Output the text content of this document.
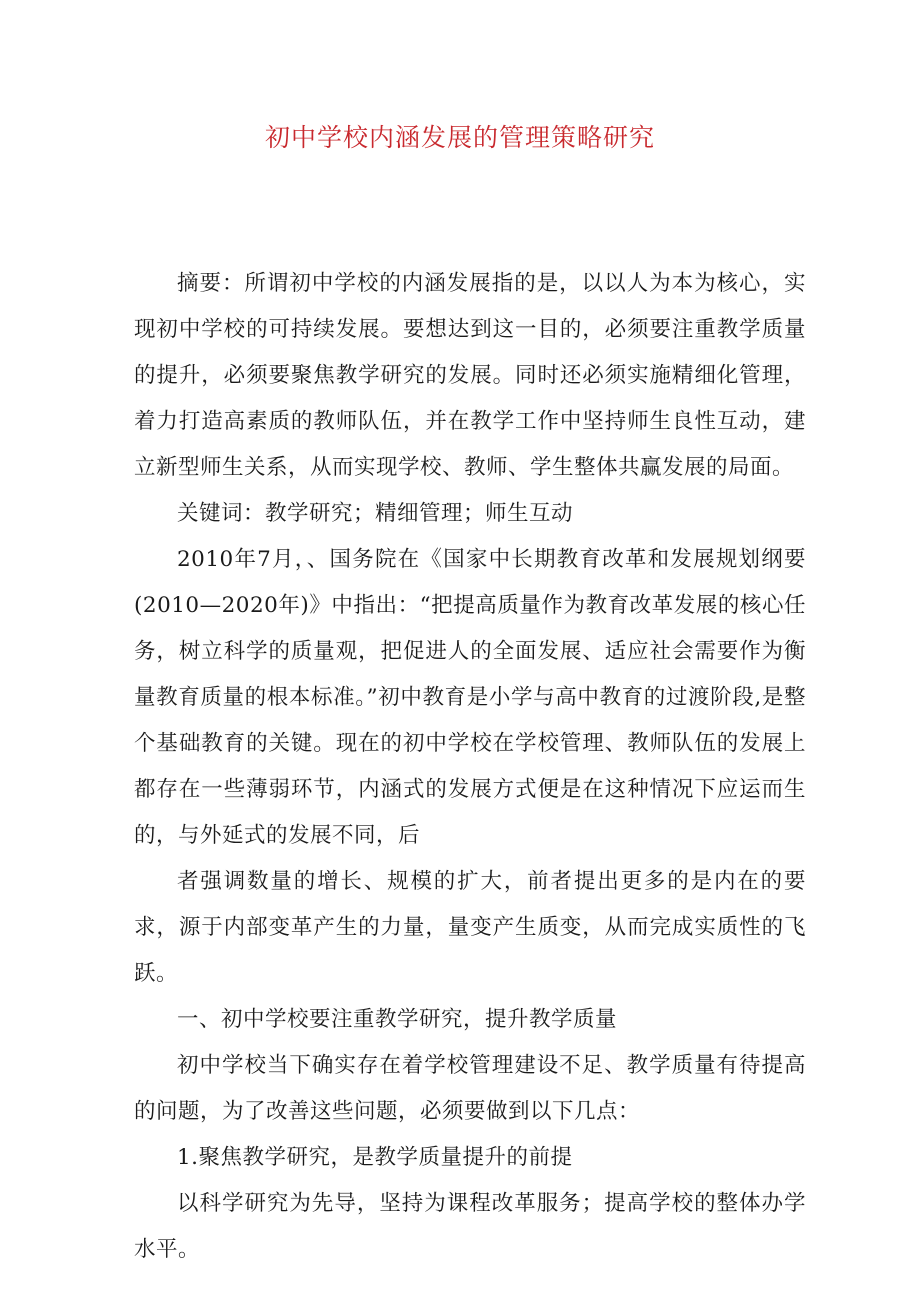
初中学校内涵发展的管理策略研究

摘要：所谓初中学校的内涵发展指的是，以以人为本为核心，实现初中学校的可持续发展。要想达到这一目的，必须要注重教学质量的提升，必须要聚焦教学研究的发展。同时还必须实施精细化管理，着力打造高素质的教师队伍，并在教学工作中坚持师生良性互动，建立新型师生关系，从而实现学校、教师、学生整体共赢发展的局面。

关键词：教学研究；精细管理；师生互动

2010年7月，、国务院在《国家中长期教育改革和发展规划纲要(2010—2020年)》中指出：“把提高质量作为教育改革发展的核心任务，树立科学的质量观，把促进人的全面发展、适应社会需要作为衡量教育质量的根本标准。”初中教育是小学与高中教育的过渡阶段,是整个基础教育的关键。现在的初中学校在学校管理、教师队伍的发展上都存在一些薄弱环节，内涵式的发展方式便是在这种情况下应运而生的，与外延式的发展不同，后

者强调数量的增长、规模的扩大，前者提出更多的是内在的要求，源于内部变革产生的力量，量变产生质变，从而完成实质性的飞跃。

一、初中学校要注重教学研究，提升教学质量

初中学校当下确实存在着学校管理建设不足、教学质量有待提高的问题，为了改善这些问题，必须要做到以下几点：

1.聚焦教学研究，是教学质量提升的前提

以科学研究为先导，坚持为课程改革服务；提高学校的整体办学水平。
